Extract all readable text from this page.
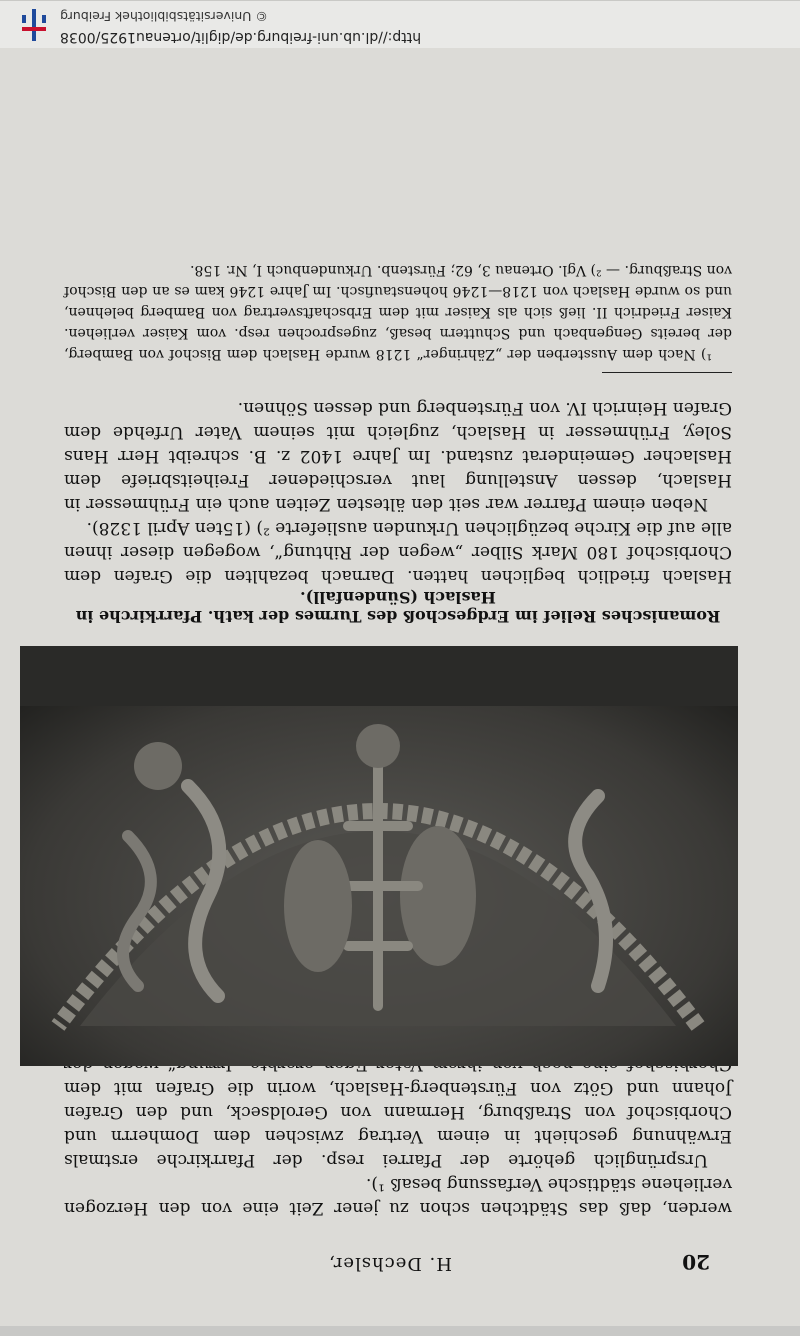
http://dl.ub.uni-freiburg.de/diglit/ortenau1925/0038
© Universitätsbibliothek Freiburg
20
H. Dechsler,

werden, daß das Städtchen schon zu jener Zeit eine von den Herzogen verliehene städtische Verfassung besaß ¹).

Ursprünglich gehörte der Pfarrei resp. der Pfarrkirche erstmals Erwähnung geschieht in einem Vertrag zwischen dem Domherrn und Chorbischof von Straßburg, Hermann von Geroldseck, und den Grafen Johann und Götz von Fürstenberg-Haslach, worin die Grafen mit dem

Romanisches Relief im Erdgeschoß des Turmes der kath. Pfarrkirche in Haslach (Sündenfall).

Haslach friedlich beglichen hatten. Darnach bezahlten die Grafen dem Chorbischof 180 Mark Silber „wegen der Rihtung“, wogegen dieser ihnen alle auf die Kirche bezüglichen Urkunden auslieferte ²) (15ten April 1328).

Neben einem Pfarrer war seit den ältesten Zeiten auch ein Frühmesser in Haslach, dessen Anstellung laut verschiedener Freiheitsbriefe dem Haslacher Gemeinderat zustand. Im Jahre 1402 z. B. schreibt Herr Hans Soley, Frühmesser in Haslach, zugleich mit seinem Vater Urfehde dem Grafen Heinrich IV. von Fürstenberg und dessen Söhnen.

¹) Nach dem Aussterben der „Zähringer“ 1218 wurde Haslach dem Bischof von Bamberg, der bereits Gengenbach und Schuttern besaß, zugesprochen resp. vom Kaiser verliehen. Kaiser Friedrich II. ließ sich als Kaiser mit dem Erbschaftsvertrag von Bamberg belehnen, und so wurde Haslach von 1218—1246 hohenstaufisch. Im Jahre 1246 kam es an den Bischof von Straßburg. — ²) Vgl. Ortenau 3, 62; Fürstenb. Urkundenbuch I, Nr. 158.
